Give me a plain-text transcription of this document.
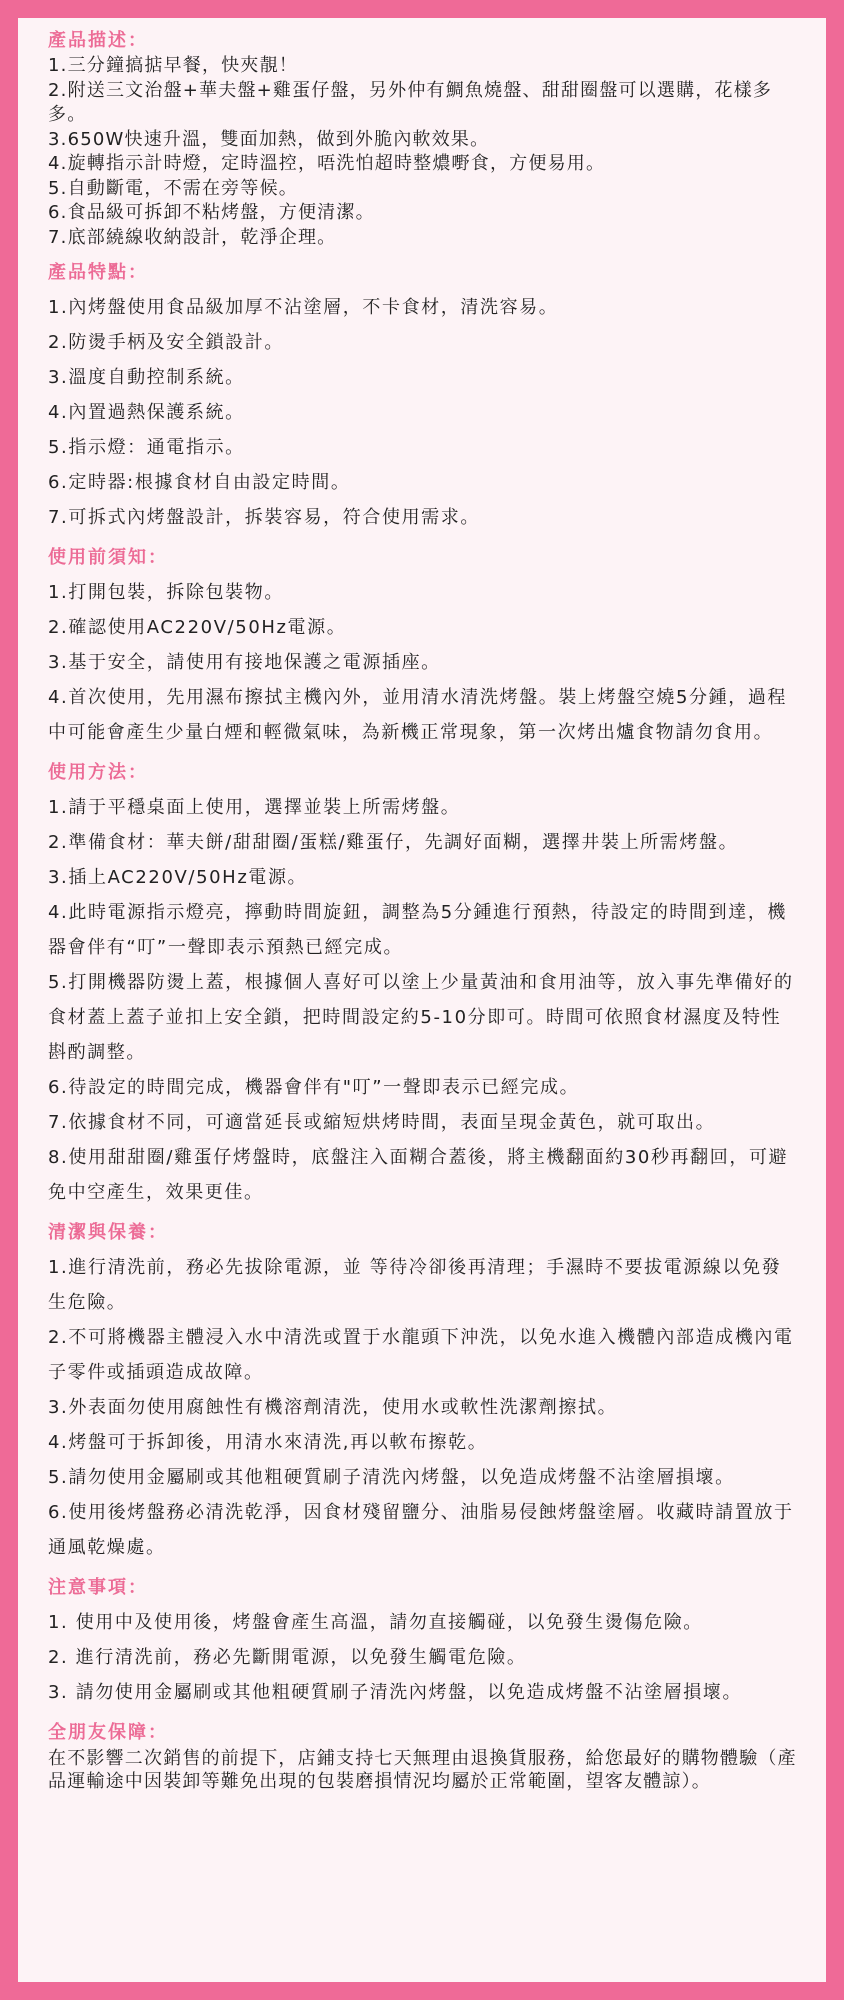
產品描述：

1.三分鐘搞掂早餐，快夾靚！

2.附送三文治盤+華夫盤+雞蛋仔盤，另外仲有鯛魚燒盤、甜甜圈盤可以選購，花樣多多。

3.650W快速升溫，雙面加熱，做到外脆內軟效果。

4.旋轉指示計時燈，定時溫控，唔洗怕超時整燶嘢食，方便易用。

5.自動斷電，不需在旁等候。

6.食品級可拆卸不粘烤盤，方便清潔。

7.底部繞線收納設計，乾淨企理。

產品特點：

1.內烤盤使用食品級加厚不沾塗層，不卡食材，清洗容易。

2.防燙手柄及安全鎖設計。

3.溫度自動控制系統。

4.內置過熱保護系統。

5.指示燈：通電指示。

6.定時器:根據食材自由設定時間。

7.可拆式內烤盤設計，拆裝容易，符合使用需求。

使用前須知：

1.打開包裝，拆除包裝物。

2.確認使用AC220V/50Hz電源。

3.基于安全，請使用有接地保護之電源插座。

4.首次使用，先用濕布擦拭主機內外，並用清水清洗烤盤。裝上烤盤空燒5分鍾，過程中可能會產生少量白煙和輕微氣味，為新機正常現象，第一次烤出爐食物請勿食用。

使用方法：

1.請于平穩桌面上使用，選擇並裝上所需烤盤。

2.準備食材：華夫餅/甜甜圈/蛋糕/雞蛋仔，先調好面糊，選擇井裝上所需烤盤。

3.插上AC220V/50Hz電源。

4.此時電源指示燈亮，擰動時間旋鈕，調整為5分鍾進行預熱，待設定的時間到達，機器會伴有“叮”一聲即表示預熱已經完成。

5.打開機器防燙上蓋，根據個人喜好可以塗上少量黃油和食用油等，放入事先準備好的食材蓋上蓋子並扣上安全鎖，把時間設定約5-10分即可。時間可依照食材濕度及特性斟酌調整。

6.待設定的時間完成，機器會伴有"叮”一聲即表示已經完成。

7.依據食材不同，可適當延長或縮短烘烤時間，表面呈現金黃色，就可取出。

8.使用甜甜圈/雞蛋仔烤盤時，底盤注入面糊合蓋後，將主機翻面約30秒再翻回，可避免中空產生，效果更佳。

清潔與保養：

1.進行清洗前，務必先拔除電源，並 等待冷卻後再清理；手濕時不要拔電源線以免發生危險。

2.不可將機器主體浸入水中清洗或置于水龍頭下沖洗，以免水進入機體內部造成機內電子零件或插頭造成故障。

3.外表面勿使用腐蝕性有機溶劑清洗，使用水或軟性洗潔劑擦拭。

4.烤盤可于拆卸後，用清水來清洗,再以軟布擦乾。

5.請勿使用金屬刷或其他粗硬質刷子清洗內烤盤，以免造成烤盤不沾塗層損壞。

6.使用後烤盤務必清洗乾淨，因食材殘留鹽分、油脂易侵蝕烤盤塗層。收藏時請置放于通風乾燥處。

注意事項：

1. 使用中及使用後，烤盤會產生高溫，請勿直接觸碰，以免發生燙傷危險。

2. 進行清洗前，務必先斷開電源，以免發生觸電危險。

3. 請勿使用金屬刷或其他粗硬質刷子清洗內烤盤，以免造成烤盤不沾塗層損壞。

全朋友保障：

在不影響二次銷售的前提下，店鋪支持七天無理由退換貨服務，給您最好的購物體驗（產品運輸途中因裝卸等難免出現的包裝磨損情況均屬於正常範圍，望客友體諒）。
